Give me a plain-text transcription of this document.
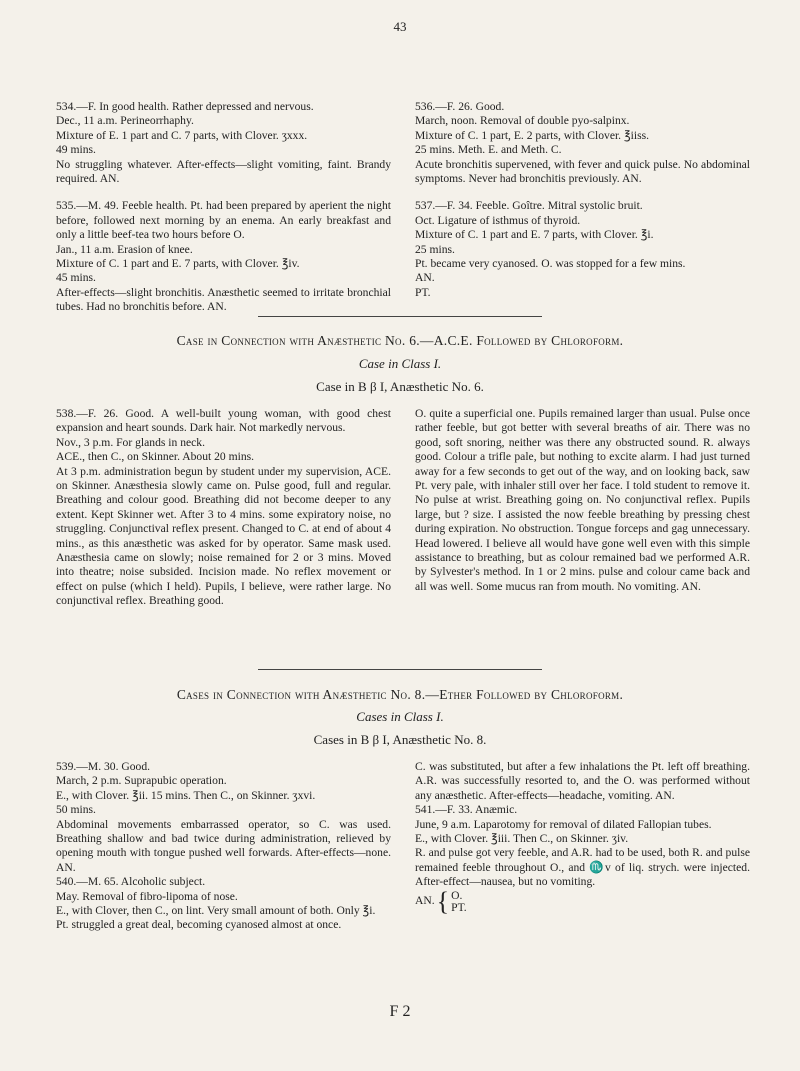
43

534.—F. In good health. Rather depressed and nervous.

Dec., 11 a.m. Perineorrhaphy.

Mixture of E. 1 part and C. 7 parts, with Clover. ʒxxx.

49 mins.

No struggling whatever. After-effects—slight vomiting, faint. Brandy required. AN.

535.—M. 49. Feeble health. Pt. had been prepared by aperient the night before, followed next morning by an enema. An early breakfast and only a little beef-tea two hours before O.

Jan., 11 a.m. Erasion of knee.

Mixture of C. 1 part and E. 7 parts, with Clover. ℥iv.

45 mins.

After-effects—slight bronchitis. Anæsthetic seemed to irritate bronchial tubes. Had no bronchitis before. AN.

536.—F. 26. Good.

March, noon. Removal of double pyo-salpinx.

Mixture of C. 1 part, E. 2 parts, with Clover. ℥iiss.

25 mins. Meth. E. and Meth. C.

Acute bronchitis supervened, with fever and quick pulse. No abdominal symptoms. Never had bronchitis previously. AN.

537.—F. 34. Feeble. Goître. Mitral systolic bruit.

Oct. Ligature of isthmus of thyroid.

Mixture of C. 1 part and E. 7 parts, with Clover. ℥i.

25 mins.

Pt. became very cyanosed. O. was stopped for a few mins.

AN.

PT.

Case in Connection with Anæsthetic No. 6.—A.C.E. Followed by Chloroform.
Case in Class I.
Case in B β I, Anæsthetic No. 6.

538.—F. 26. Good. A well-built young woman, with good chest expansion and heart sounds. Dark hair. Not markedly nervous.

Nov., 3 p.m. For glands in neck.

ACE., then C., on Skinner. About 20 mins.

At 3 p.m. administration begun by student under my supervision, ACE. on Skinner. Anæsthesia slowly came on. Pulse good, full and regular. Breathing and colour good. Breathing did not become deeper to any extent. Kept Skinner wet. After 3 to 4 mins. some expiratory noise, no struggling. Conjunctival reflex present. Changed to C. at end of about 4 mins., as this anæsthetic was asked for by operator. Same mask used. Anæsthesia came on slowly; noise remained for 2 or 3 mins. Moved into theatre; noise subsided. Incision made. No reflex movement or effect on pulse (which I held). Pupils, I believe, were rather large. No conjunctival reflex. Breathing good.

O. quite a superficial one. Pupils remained larger than usual. Pulse once rather feeble, but got better with several breaths of air. There was no good, soft snoring, neither was there any obstructed sound. R. always good. Colour a trifle pale, but nothing to excite alarm. I had just turned away for a few seconds to get out of the way, and on looking back, saw Pt. very pale, with inhaler still over her face. I told student to remove it. No pulse at wrist. Breathing going on. No conjunctival reflex. Pupils large, but ? size. I assisted the now feeble breathing by pressing chest during expiration. No obstruction. Tongue forceps and gag unnecessary. Head lowered. I believe all would have gone well even with this simple assistance to breathing, but as colour remained bad we performed A.R. by Sylvester's method. In 1 or 2 mins. pulse and colour came back and all was well. Some mucus ran from mouth. No vomiting. AN.

Cases in Connection with Anæsthetic No. 8.—Ether Followed by Chloroform.
Cases in Class I.
Cases in B β I, Anæsthetic No. 8.

539.—M. 30. Good.

March, 2 p.m. Suprapubic operation.

E., with Clover. ℥ii. 15 mins. Then C., on Skinner. ʒxvi.

50 mins.

Abdominal movements embarrassed operator, so C. was used. Breathing shallow and bad twice during administration, relieved by opening mouth with tongue pushed well forwards. After-effects—none. AN.

540.—M. 65. Alcoholic subject.

May. Removal of fibro-lipoma of nose.

E., with Clover, then C., on lint. Very small amount of both. Only ℥i.

Pt. struggled a great deal, becoming cyanosed almost at once.

C. was substituted, but after a few inhalations the Pt. left off breathing. A.R. was successfully resorted to, and the O. was performed without any anæsthetic. After-effects—headache, vomiting. AN.

541.—F. 33. Anæmic.

June, 9 a.m. Laparotomy for removal of dilated Fallopian tubes.

E., with Clover. ℥iii. Then C., on Skinner. ʒiv.

R. and pulse got very feeble, and A.R. had to be used, both R. and pulse remained feeble throughout O., and ♏v of liq. strych. were injected. After-effect—nausea, but no vomiting.

AN. { O.
PT.
F 2
